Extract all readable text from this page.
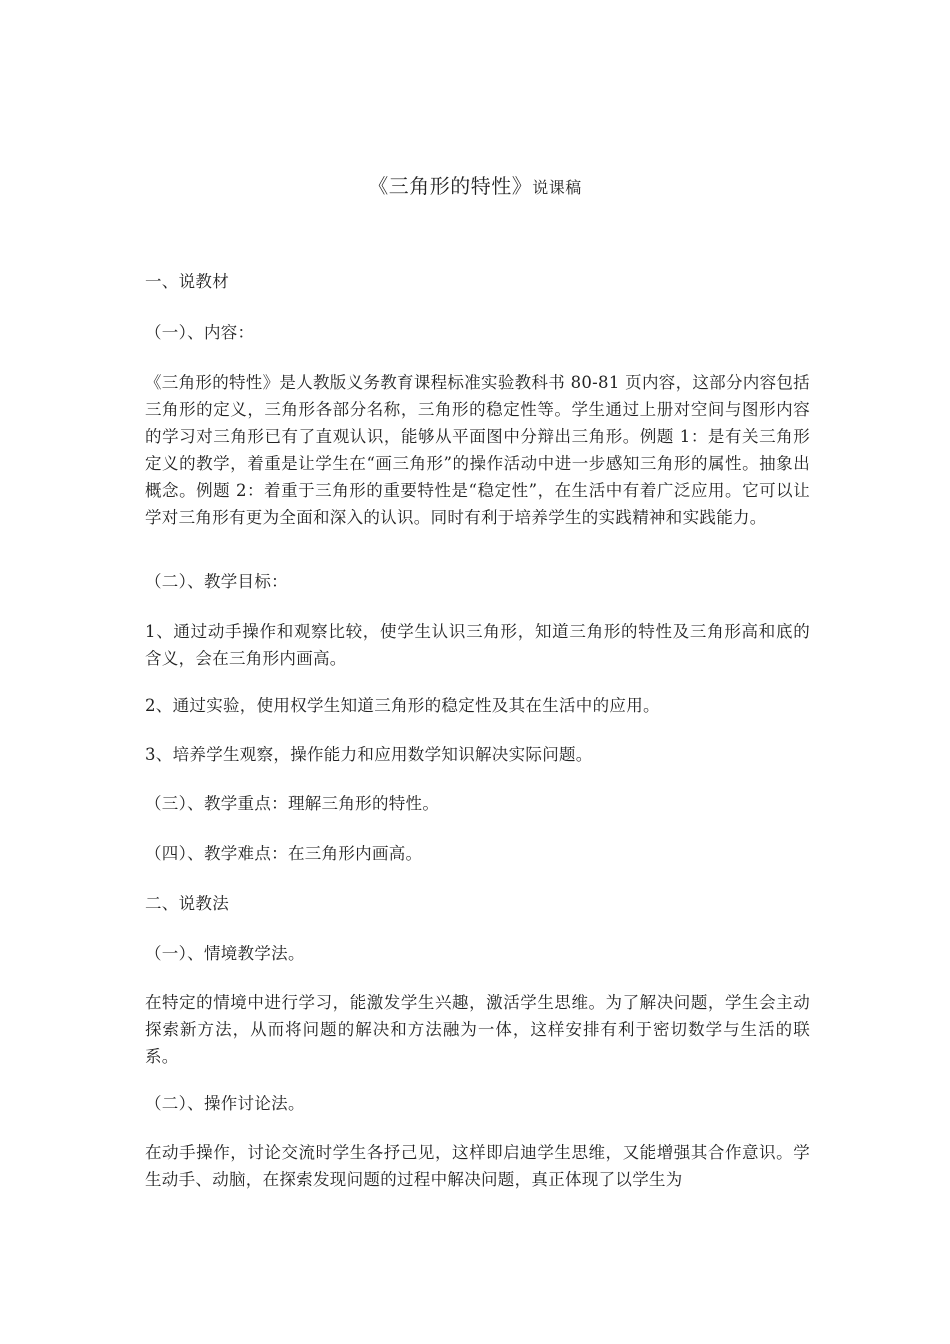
《三角形的特性》说课稿

一、说教材

（一）、内容：

《三角形的特性》是人教版义务教育课程标准实验教科书 80-81 页内容，这部分内容包括三角形的定义，三角形各部分名称，三角形的稳定性等。学生通过上册对空间与图形内容的学习对三角形已有了直观认识，能够从平面图中分辩出三角形。例题 1：是有关三角形定义的教学，着重是让学生在“画三角形”的操作活动中进一步感知三角形的属性。抽象出概念。例题 2：着重于三角形的重要特性是“稳定性”，在生活中有着广泛应用。它可以让学对三角形有更为全面和深入的认识。同时有利于培养学生的实践精神和实践能力。

（二）、教学目标：

1、通过动手操作和观察比较，使学生认识三角形，知道三角形的特性及三角形高和底的含义，会在三角形内画高。

2、通过实验，使用权学生知道三角形的稳定性及其在生活中的应用。

3、培养学生观察，操作能力和应用数学知识解决实际问题。

（三）、教学重点：理解三角形的特性。

（四）、教学难点：在三角形内画高。

二、说教法

（一）、情境教学法。

在特定的情境中进行学习，能激发学生兴趣，激活学生思维。为了解决问题，学生会主动探索新方法，从而将问题的解决和方法融为一体，这样安排有利于密切数学与生活的联系。

（二）、操作讨论法。

在动手操作，讨论交流时学生各抒己见，这样即启迪学生思维，又能增强其合作意识。学生动手、动脑，在探索发现问题的过程中解决问题，真正体现了以学生为
